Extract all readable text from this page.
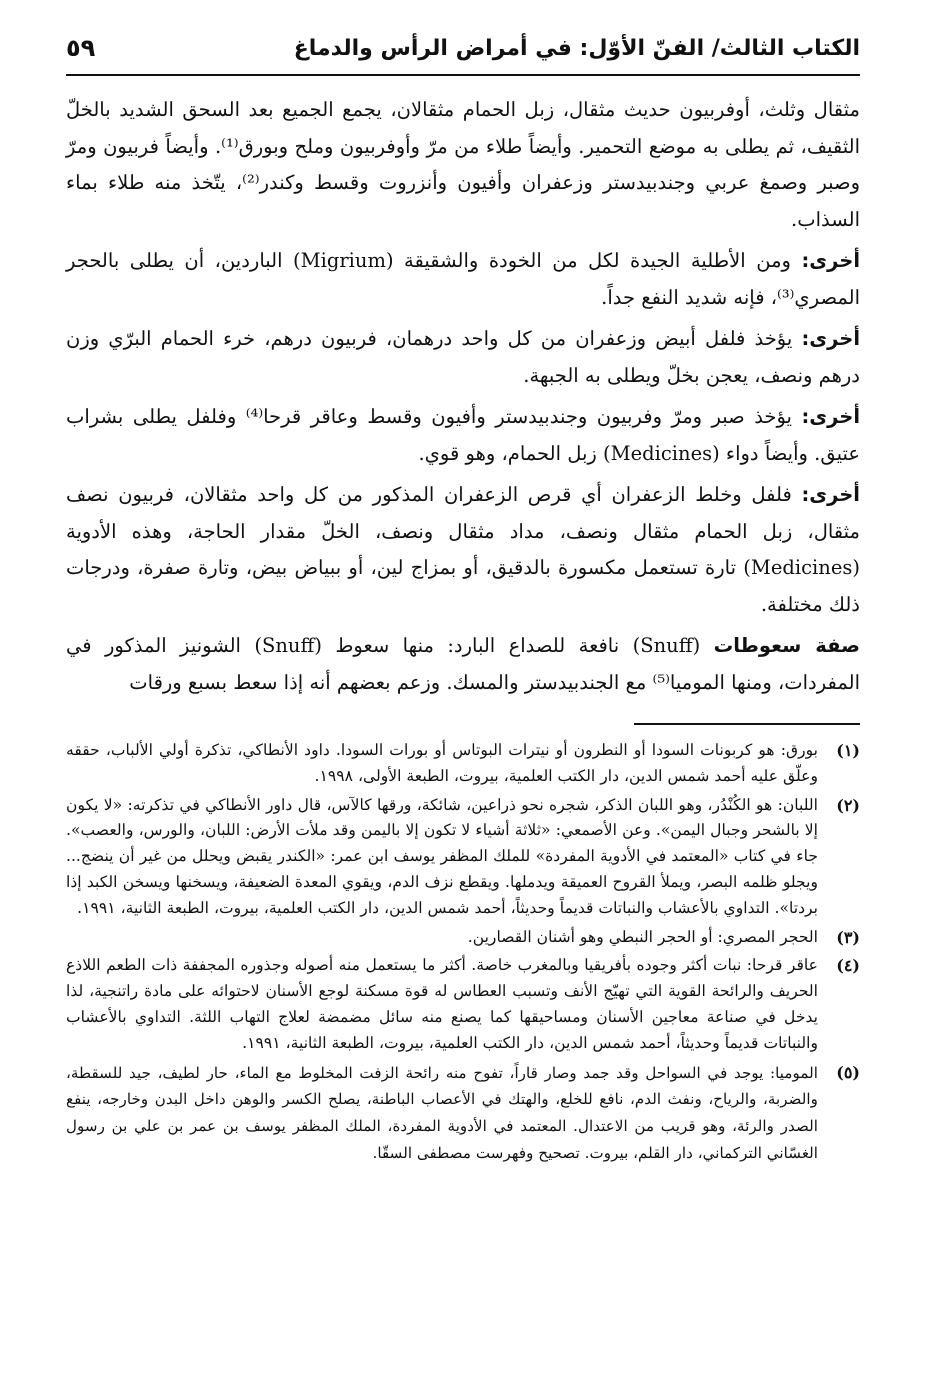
الكتاب الثالث/ الفنّ الأوّل: في أمراض الرأس والدماغ
٥٩

مثقال وثلث، أوفربيون حديث مثقال، زبل الحمام مثقالان، يجمع الجميع بعد السحق الشديد بالخلّ الثقيف، ثم يطلى به موضع التحمير. وأيضاً طلاء من مرّ وأوفربيون وملح وبورق⁽¹⁾. وأيضاً فربيون ومرّ وصبر وصمغ عربي وجندبيدستر وزعفران وأفيون وأنزروت وقسط وكندر⁽²⁾، يتّخذ منه طلاء بماء السذاب.

أخرى: ومن الأطلية الجيدة لكل من الخودة والشقيقة (Migrium) الباردين، أن يطلى بالحجر المصري⁽³⁾، فإنه شديد النفع جداً.

أخرى: يؤخذ فلفل أبيض وزعفران من كل واحد درهمان، فربيون درهم، خرء الحمام البرّي وزن درهم ونصف، يعجن بخلّ ويطلى به الجبهة.

أخرى: يؤخذ صبر ومرّ وفربيون وجندبيدستر وأفيون وقسط وعاقر قرحا⁽⁴⁾ وفلفل يطلى بشراب عتيق. وأيضاً دواء (Medicines) زبل الحمام، وهو قوي.

أخرى: فلفل وخلط الزعفران أي قرص الزعفران المذكور من كل واحد مثقالان، فربيون نصف مثقال، زبل الحمام مثقال ونصف، مداد مثقال ونصف، الخلّ مقدار الحاجة، وهذه الأدوية (Medicines) تارة تستعمل مكسورة بالدقيق، أو بمزاج لين، أو ببياض بيض، وتارة صفرة، ودرجات ذلك مختلفة.

صفة سعوطات (Snuff) نافعة للصداع البارد: منها سعوط (Snuff) الشونيز المذكور في المفردات، ومنها الموميا⁽⁵⁾ مع الجندبيدستر والمسك. وزعم بعضهم أنه إذا سعط بسبع ورقات

(١)
بورق: هو كربونات السودا أو النطرون أو نيترات البوتاس أو بورات السودا. داود الأنطاكي، تذكرة أولي الألباب، حققه وعلّق عليه أحمد شمس الدين، دار الكتب العلمية، بيروت، الطبعة الأولى، ١٩٩٨.
(٢)
اللبان: هو الكُنْدُر، وهو اللبان الذكر، شجره نحو ذراعين، شائكة، ورقها كالآس، قال داور الأنطاكي في تذكرته: «لا يكون إلا بالشحر وجبال اليمن». وعن الأصمعي: «ثلاثة أشياء لا تكون إلا باليمن وقد ملأت الأرض: اللبان، والورس، والعصب». جاء في كتاب «المعتمد في الأدوية المفردة» للملك المظفر يوسف ابن عمر: «الكندر يقبض ويحلل من غير أن ينضج... ويجلو ظلمه البصر، ويملأ القروح العميقة ويدملها. ويقطع نزف الدم، ويقوي المعدة الضعيفة، ويسخنها ويسخن الكبد إذا بردتا». التداوي بالأعشاب والنباتات قديماً وحديثاً، أحمد شمس الدين، دار الكتب العلمية، بيروت، الطبعة الثانية، ١٩٩١.
(٣)
الحجر المصري: أو الحجر النبطي وهو أشنان القصارين.
(٤)
عاقر قرحا: نبات أكثر وجوده بأفريقيا وبالمغرب خاصة. أكثر ما يستعمل منه أصوله وجذوره المجففة ذات الطعم اللاذع الحريف والرائحة القوية التي تهيّج الأنف وتسبب العطاس له قوة مسكنة لوجع الأسنان لاحتوائه على مادة راتنجية، لذا يدخل في صناعة معاجين الأسنان ومساحيقها كما يصنع منه سائل مضمضة لعلاج التهاب اللثة. التداوي بالأعشاب والنباتات قديماً وحديثاً، أحمد شمس الدين، دار الكتب العلمية، بيروت، الطبعة الثانية، ١٩٩١.
(٥)
الموميا: يوجد في السواحل وقد جمد وصار قاراً، تفوح منه رائحة الزفت المخلوط مع الماء، حار لطيف، جيد للسقطة، والضربة، والرياح، ونفث الدم، نافع للخلع، والهتك في الأعصاب الباطنة، يصلح الكسر والوهن داخل البدن وخارجه، ينفع الصدر والرئة، وهو قريب من الاعتدال. المعتمد في الأدوية المفردة، الملك المظفر يوسف بن عمر بن علي بن رسول الغسّاني التركماني، دار القلم، بيروت. تصحيح وفهرست مصطفى السقّا.
